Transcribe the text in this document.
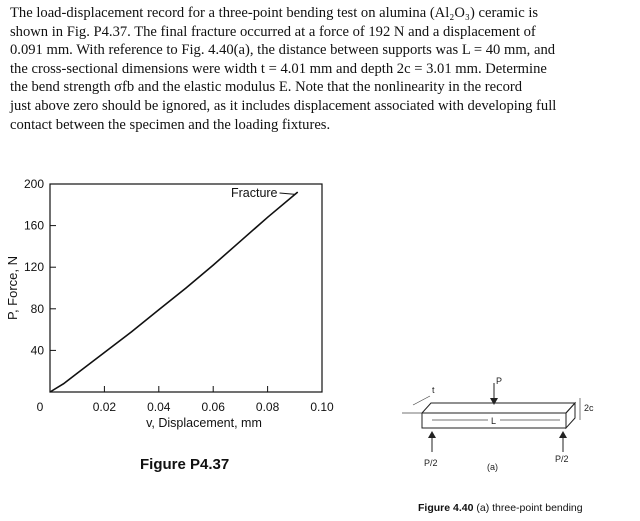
The load-displacement record for a three-point bending test on alumina (Al₂O₃) ceramic is
shown in Fig. P4.37. The final fracture occurred at a force of 192 N and a displacement of
0.091 mm. With reference to Fig. 4.40(a), the distance between supports was L = 40 mm, and
the cross-sectional dimensions were width t = 4.01 mm and depth 2c = 3.01 mm. Determine
the bend strength σfb and the elastic modulus E. Note that the nonlinearity in the record
just above zero should be ignored, as it includes displacement associated with developing full
contact between the specimen and the loading fixtures.
40
80
120
160
200
0.02	0.04	0.06	0.08	0.10
0
v, Displacement, mm
P, Force, N
Fracture
L
t
2c
P
P/2	P/2
(a)
Figure P4.37
Figure 4.40 (a) three-point bending
